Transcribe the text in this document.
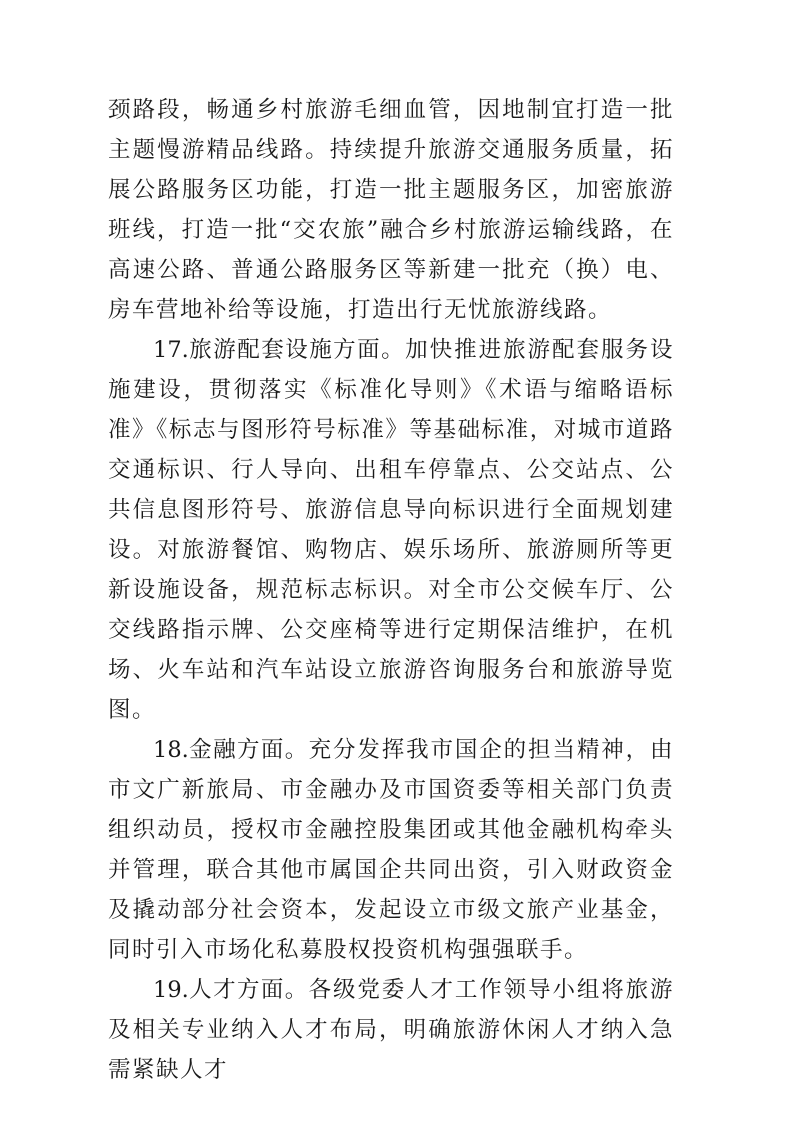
颈路段，畅通乡村旅游毛细血管，因地制宜打造一批主题慢游精品线路。持续提升旅游交通服务质量，拓展公路服务区功能，打造一批主题服务区，加密旅游班线，打造一批“交农旅”融合乡村旅游运输线路，在高速公路、普通公路服务区等新建一批充（换）电、房车营地补给等设施，打造出行无忧旅游线路。

17.旅游配套设施方面。加快推进旅游配套服务设施建设，贯彻落实《标准化导则》《术语与缩略语标准》《标志与图形符号标准》等基础标准，对城市道路交通标识、行人导向、出租车停靠点、公交站点、公共信息图形符号、旅游信息导向标识进行全面规划建设。对旅游餐馆、购物店、娱乐场所、旅游厕所等更新设施设备，规范标志标识。对全市公交候车厅、公交线路指示牌、公交座椅等进行定期保洁维护，在机场、火车站和汽车站设立旅游咨询服务台和旅游导览图。

18.金融方面。充分发挥我市国企的担当精神，由市文广新旅局、市金融办及市国资委等相关部门负责组织动员，授权市金融控股集团或其他金融机构牵头并管理，联合其他市属国企共同出资，引入财政资金及撬动部分社会资本，发起设立市级文旅产业基金，同时引入市场化私募股权投资机构强强联手。

19.人才方面。各级党委人才工作领导小组将旅游及相关专业纳入人才布局，明确旅游休闲人才纳入急需紧缺人才
